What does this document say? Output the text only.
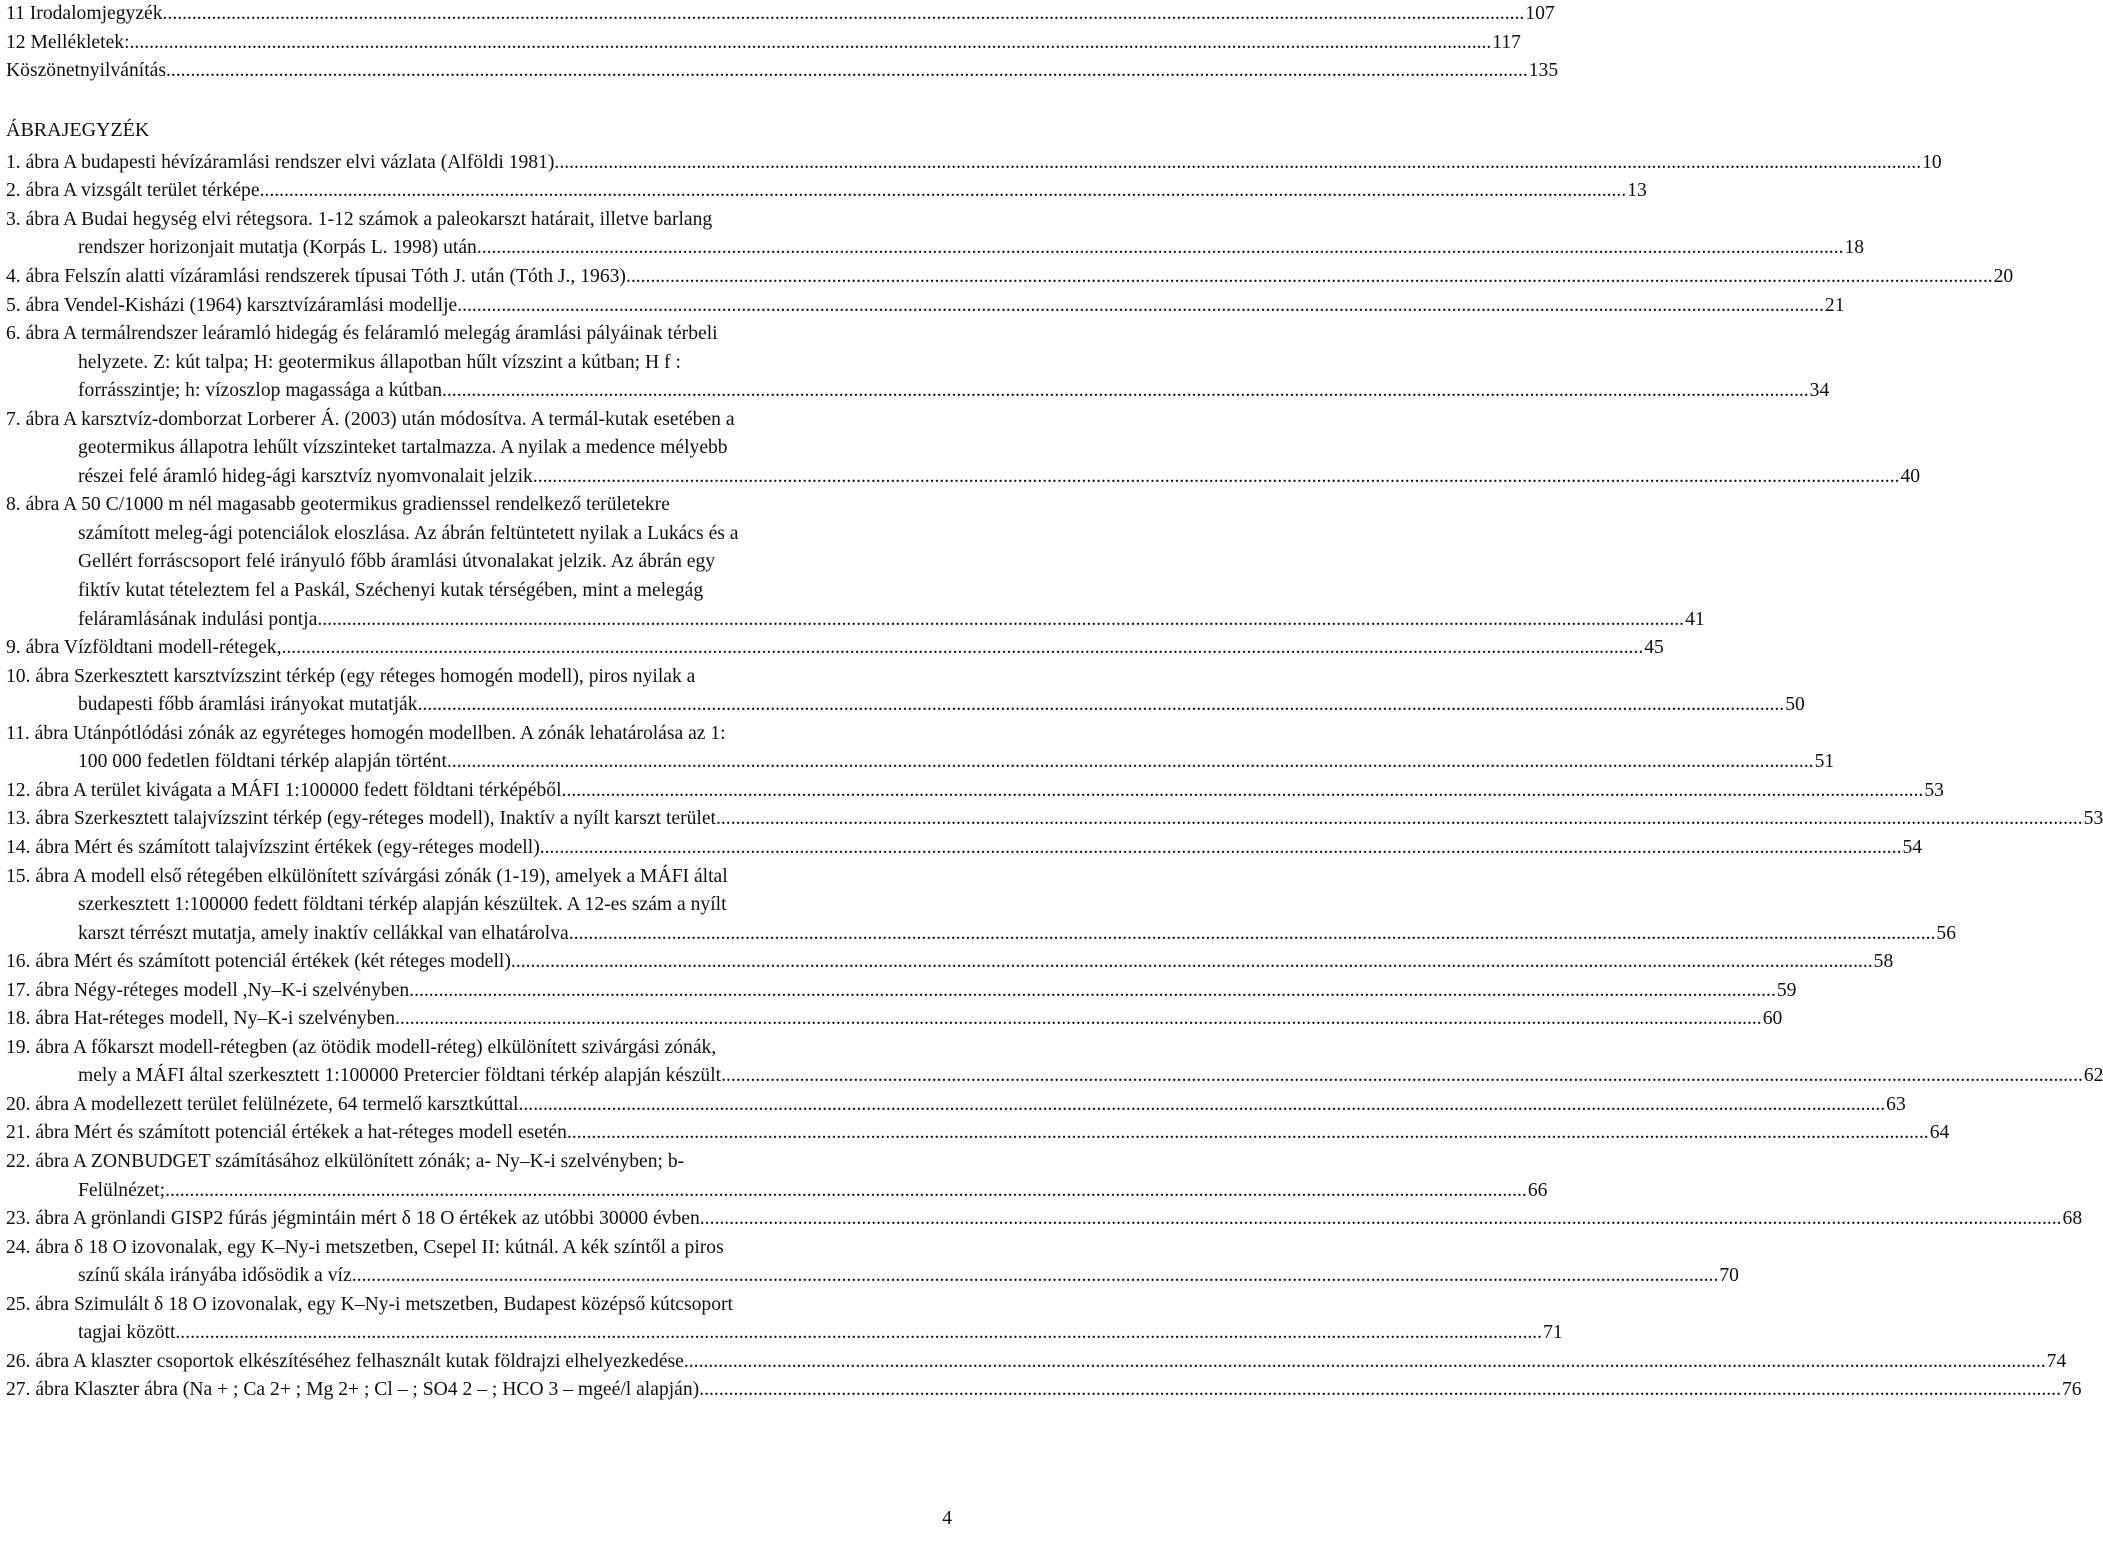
11 Irodalomjegyzék .....	107
12 Mellékletek: .....	117
Köszönetnyilvánítás .....	135
ÁBRAJEGYZÉK
1. ábra A budapesti hévízáramlási rendszer elvi vázlata (Alföldi 1981). .....	10
2. ábra A vizsgált terület térképe. .....	13
3. ábra A Budai hegység elvi rétegsora. 1-12 számok a paleokarszt határait, illetve barlang
rendszer horizonjait mutatja (Korpás L. 1998) után. .....	18
4. ábra Felszín alatti vízáramlási rendszerek típusai Tóth J. után (Tóth J., 1963). .....	20
5. ábra Vendel-Kisházi (1964) karsztvízáramlási modellje. .....	21
6. ábra A termálrendszer leáramló hidegág és feláramló melegág áramlási pályáinak térbeli
helyzete. Z: kút talpa; H: geotermikus állapotban hűlt vízszint a kútban; H f :
forrásszintje; h: vízoszlop magassága a kútban. .....	34
7. ábra A karsztvíz-domborzat Lorberer Á. (2003) után módosítva. A termál-kutak esetében a
geotermikus állapotra lehűlt vízszinteket tartalmazza. A nyilak a medence mélyebb
részei felé áramló hideg-ági karsztvíz nyomvonalait jelzik. .....	40
8. ábra A 50 C/1000 m nél magasabb geotermikus gradienssel rendelkező területekre
számított meleg-ági potenciálok eloszlása. Az ábrán feltüntetett nyilak a Lukács és a
Gellért forráscsoport felé irányuló főbb áramlási útvonalakat jelzik. Az ábrán egy
fiktív kutat tételeztem fel a Paskál, Széchenyi kutak térségében, mint a melegág
feláramlásának indulási pontja. .....	41
9. ábra Vízföldtani modell-rétegek, .....	45
10. ábra Szerkesztett karsztvízszint térkép (egy réteges homogén modell), piros nyilak a
budapesti főbb áramlási irányokat mutatják. .....	50
11. ábra Utánpótlódási zónák az egyréteges homogén modellben. A zónák lehatárolása az 1:
100 000 fedetlen földtani térkép alapján történt. .....	51
12. ábra A terület kivágata a MÁFI 1:100000 fedett földtani térképéből .....	53
13. ábra Szerkesztett talajvízszint térkép (egy-réteges modell), Inaktív a nyílt karszt terület. .....	53
14. ábra Mért és számított talajvízszint értékek (egy-réteges modell) .....	54
15. ábra A modell első rétegében elkülönített szívárgási zónák (1-19), amelyek a MÁFI által
szerkesztett 1:100000 fedett földtani térkép alapján készültek. A 12-es szám a nyílt
karszt térrészt mutatja, amely inaktív cellákkal van elhatárolva. .....	56
16. ábra Mért és számított potenciál értékek (két réteges modell) .....	58
17. ábra Négy-réteges modell ,Ny–K-i szelvényben. .....	59
18. ábra Hat-réteges modell, Ny–K-i szelvényben. .....	60
19. ábra A főkarszt modell-rétegben (az ötödik modell-réteg) elkülönített szivárgási zónák,
mely a MÁFI által szerkesztett 1:100000 Pretercier földtani térkép alapján készült .....	62
20. ábra A modellezett terület felülnézete, 64 termelő karsztkúttal. .....	63
21. ábra Mért és számított potenciál értékek a hat-réteges modell esetén .....	64
22. ábra A ZONBUDGET számításához elkülönített zónák; a- Ny–K-i szelvényben; b-
Felülnézet; .....	66
23. ábra A grönlandi GISP2 fúrás jégmintáin mért δ 18 O értékek az utóbbi 30000 évben .....	68
24. ábra δ 18 O izovonalak, egy K–Ny-i metszetben, Csepel II: kútnál. A kék színtől a piros
színű skála irányába idősödik a víz. .....	70
25. ábra Szimulált δ 18 O izovonalak, egy K–Ny-i metszetben, Budapest középső kútcsoport
tagjai között. .....	71
26. ábra A klaszter csoportok elkészítéséhez felhasznált kutak földrajzi elhelyezkedése .....	74
27. ábra Klaszter ábra (Na + ; Ca 2+ ; Mg 2+ ; Cl – ; SO4 2 – ; HCO 3 – mgeé/l alapján) .....	76
4
